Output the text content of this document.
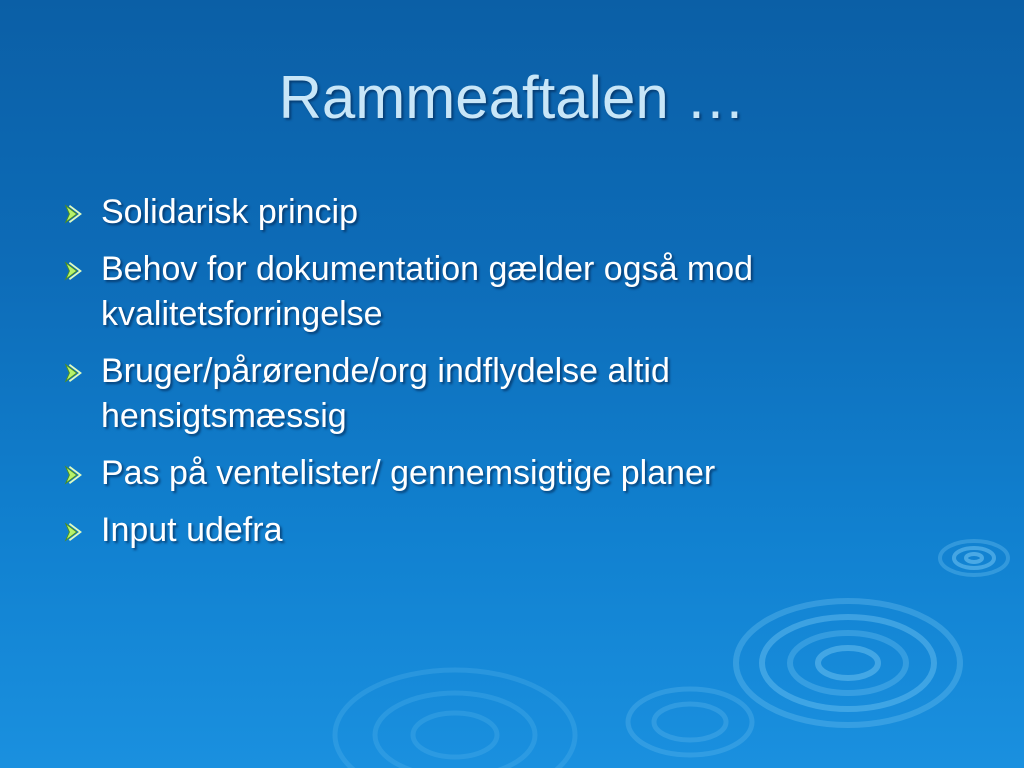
Rammeaftalen …
Solidarisk princip
Behov for dokumentation gælder også mod kvalitetsforringelse
Bruger/pårørende/org indflydelse altid hensigtsmæssig
Pas på ventelister/ gennemsigtige planer
Input udefra
